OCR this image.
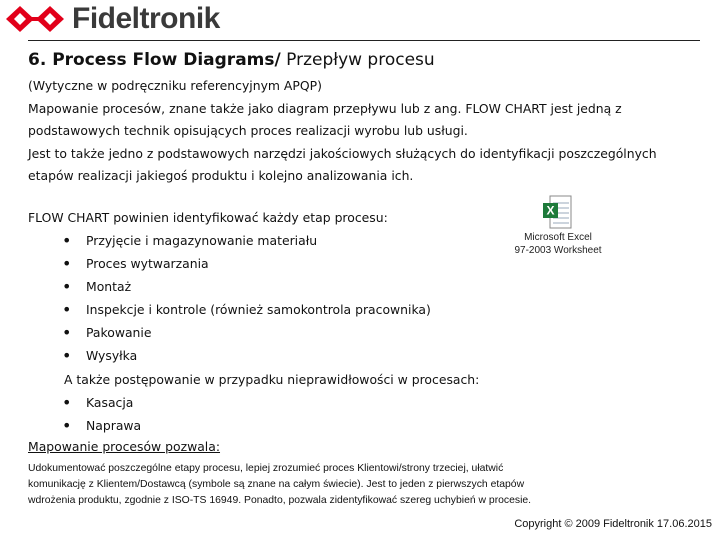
Fideltronik
6. Process Flow Diagrams/ Przepływ procesu
(Wytyczne w podręczniku referencyjnym APQP)
Mapowanie procesów, znane także jako diagram przepływu lub z ang. FLOW CHART jest jedną z
podstawowych technik opisujących proces realizacji wyrobu lub usługi.
Jest to także jedno z podstawowych narzędzi jakościowych służących do identyfikacji poszczególnych
etapów realizacji jakiegoś produktu i kolejno analizowania ich.
FLOW CHART powinien identyfikować każdy etap procesu:
• Przyjęcie i magazynowanie materiału
• Proces wytwarzania
• Montaż
• Inspekcje i kontrole (również samokontrola pracownika)
• Pakowanie
• Wysyłka
A także postępowanie w przypadku nieprawidłowości w procesach:
• Kasacja
• Naprawa
Mapowanie procesów pozwala:
Udokumentować poszczególne etapy procesu, lepiej zrozumieć proces Klientowi/strony trzeciej, ułatwić
komunikację z Klientem/Dostawcą (symbole są znane na całym świecie). Jest to jeden z pierwszych etapów
wdrożenia produktu, zgodnie z ISO-TS 16949. Ponadto, pozwala zidentyfikować szereg uchybień w procesie.
X
Microsoft Excel
97-2003 Worksheet
Copyright © 2009 Fideltronik 17.06.2015
